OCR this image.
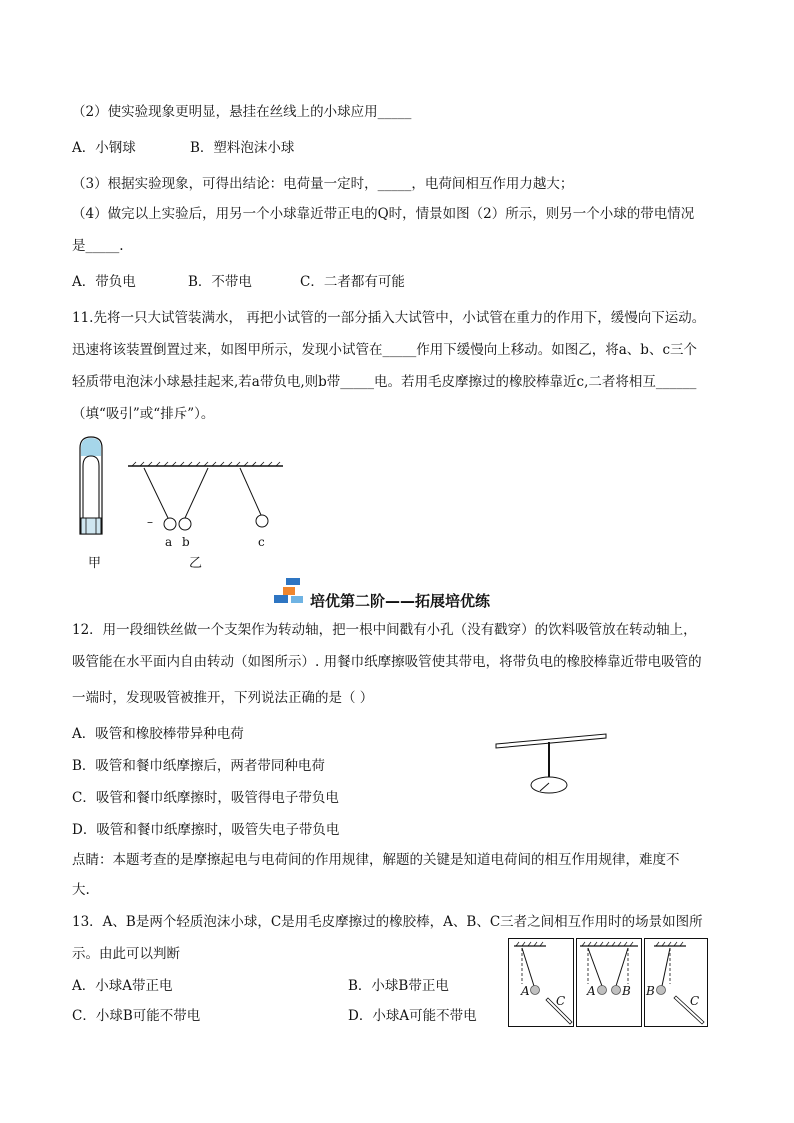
（2）使实验现象更明显，悬挂在丝线上的小球应用_____
A．小钢球	B．塑料泡沫小球
（3）根据实验现象，可得出结论：电荷量一定时，_____，电荷间相互作用力越大；
（4）做完以上实验后，用另一个小球靠近带正电的Q时，情景如图（2）所示，则另一个小球的带电情况
是_____.
A．带负电	B．不带电	C．二者都有可能
11.先将一只大试管装满水， 再把小试管的一部分插入大试管中，小试管在重力的作用下，缓慢向下运动。
迅速将该装置倒置过来，如图甲所示，发现小试管在_____作用下缓慢向上移动。如图乙，将a、b、c三个
轻质带电泡沫小球悬挂起来,若a带负电,则b带_____电。若用毛皮摩擦过的橡胶棒靠近c,二者将相互______
（填“吸引”或“排斥”）。
–
a b	c
甲	乙
培优第二阶——拓展培优练
12．用一段细铁丝做一个支架作为转动轴，把一根中间戳有小孔（没有戳穿）的饮料吸管放在转动轴上，
吸管能在水平面内自由转动（如图所示）. 用餐巾纸摩擦吸管使其带电，将带负电的橡胶棒靠近带电吸管的
一端时，发现吸管被推开，下列说法正确的是（ ）
A．吸管和橡胶棒带异种电荷
B．吸管和餐巾纸摩擦后，两者带同种电荷
C．吸管和餐巾纸摩擦时，吸管得电子带负电
D．吸管和餐巾纸摩擦时，吸管失电子带负电
点睛：本题考查的是摩擦起电与电荷间的作用规律，解题的关键是知道电荷间的相互作用规律，难度不
大.
13．A、B是两个轻质泡沫小球，C是用毛皮摩擦过的橡胶棒，A、B、C三者之间相互作用时的场景如图所
示。由此可以判断
A．小球A带正电	B．小球B带正电
C．小球B可能不带电	D．小球A可能不带电
A
C
A B B
C
